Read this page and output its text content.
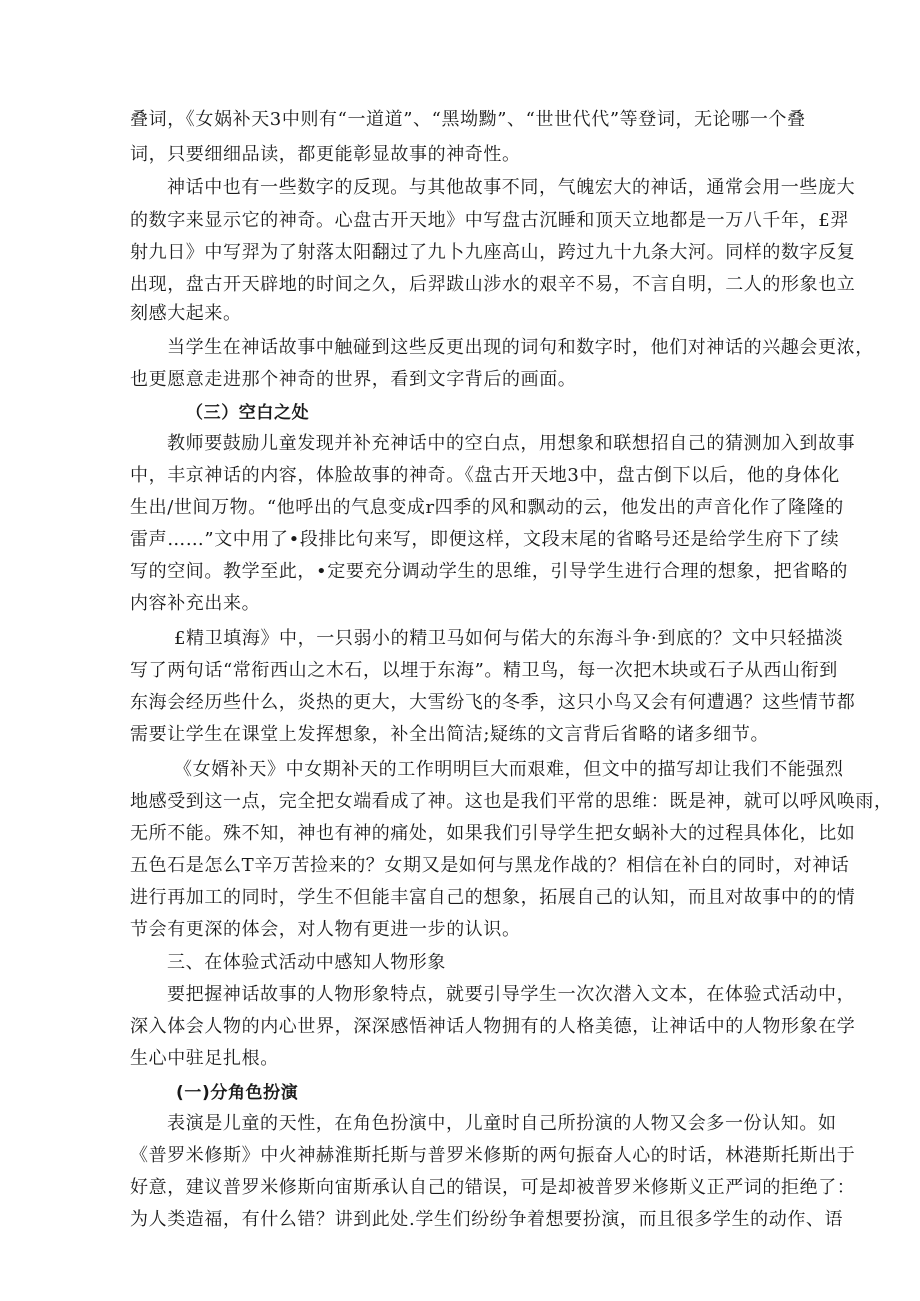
叠词，《女娲补天3中则有“一道道”、“黑坳黝”、“世世代代”等登词，无论哪一个叠
词，只要细细品读，都更能彰显故事的神奇性。
神话中也有一些数字的反现。与其他故事不同，气魄宏大的神话，通常会用一些庞大
的数字来显示它的神奇。心盘古开天地》中写盘古沉睡和顶天立地都是一万八千年，£羿
射九日》中写羿为了射落太阳翻过了九卜九座高山，跨过九十九条大河。同样的数字反复
出现，盘古开天辟地的时间之久，后羿跋山涉水的艰辛不易，不言自明，二人的形象也立
刻感大起来。
当学生在神话故事中触碰到这些反更出现的词句和数字时，他们对神话的兴趣会更浓，
也更愿意走进那个神奇的世界，看到文字背后的画面。
（三）空白之处
教师要鼓励儿童发现并补充神话中的空白点，用想象和联想招自己的猜测加入到故事
中，丰京神话的内容，体脸故事的神奇。《盘古开天地3中，盘古倒下以后，他的身体化
生出/世间万物。“他呼出的气息变成r四季的风和飘动的云，他发出的声音化作了隆隆的
雷声……”文中用了•段排比句来写，即便这样，文段末尾的省略号还是给学生府下了续
写的空间。教学至此，•定要充分调动学生的思维，引导学生进行合理的想象，把省略的
内容补充出来。
£精卫填海》中，一只弱小的精卫马如何与偌大的东海斗争·到底的？文中只轻描淡
写了两句话“常衔西山之木石，以埋于东海”。精卫鸟，每一次把木块或石子从西山衔到
东海会经历些什么，炎热的更大，大雪纷飞的冬季，这只小鸟又会有何遭遇？这些情节都
需要让学生在课堂上发挥想象，补全出简洁;疑练的文言背后省略的诸多细节。
《女婿补天》中女期补天的工作明明巨大而艰难，但文中的描写却让我们不能强烈
地感受到这一点，完全把女端看成了神。这也是我们平常的思维：既是神，就可以呼风唤雨，
无所不能。殊不知，神也有神的痛处，如果我们引导学生把女蜗补大的过程具体化，比如
五色石是怎么T辛万苦捡来的？女期又是如何与黑龙作战的？相信在补白的同时，对神话
进行再加工的同时，学生不但能丰富自己的想象，拓展自己的认知，而且对故事中的的情
节会有更深的体会，对人物有更进一步的认识。
三、在体验式活动中感知人物形象
要把握神话故事的人物形象特点，就要引导学生一次次潜入文本，在体验式活动中，
深入体会人物的内心世界，深深感悟神话人物拥有的人格美德，让神话中的人物形象在学
生心中驻足扎根。
(一)分角色扮演
表演是儿童的天性，在角色扮演中，儿童时自己所扮演的人物又会多一份认知。如
《普罗米修斯》中火神赫淮斯托斯与普罗米修斯的两句振奋人心的时话，林港斯托斯出于
好意，建议普罗米修斯向宙斯承认自己的错误，可是却被普罗米修斯义正严词的拒绝了：
为人类造福，有什么错？讲到此处.学生们纷纷争着想要扮演，而且很多学生的动作、语
